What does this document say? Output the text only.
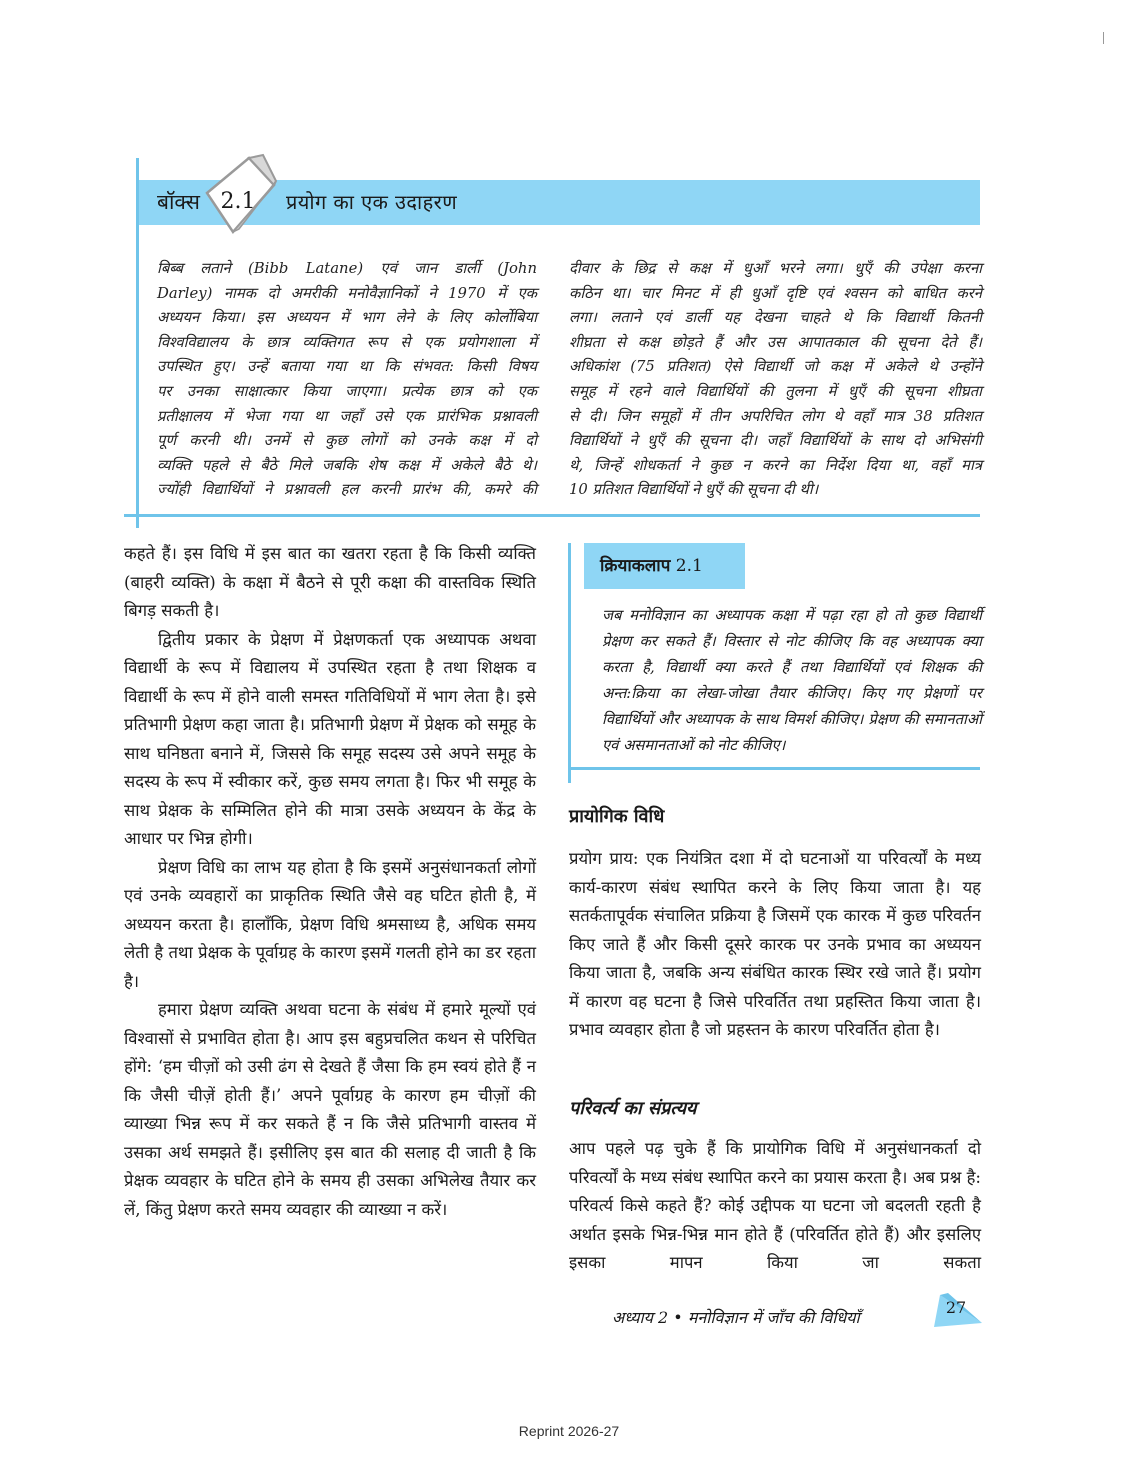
बॉक्स 2.1 प्रयोग का एक उदाहरण
बिब्ब लताने (Bibb Latane) एवं जान डार्ली (John
Darley) नामक दो अमरीकी मनोवैज्ञानिकों ने 1970 में एक
अध्ययन किया। इस अध्ययन में भाग लेने के लिए कोर्लोबिया
विश्वविद्यालय के छात्र व्यक्तिगत रूप से एक प्रयोगशाला में
उपस्थित हुए। उन्हें बताया गया था कि संभवत: किसी विषय
पर उनका साक्षात्कार किया जाएगा। प्रत्येक छात्र को एक
प्रतीक्षालय में भेजा गया था जहाँ उसे एक प्रारंभिक प्रश्नावली
पूर्ण करनी थी। उनमें से कुछ लोगों को उनके कक्ष में दो
व्यक्ति पहले से बैठे मिले जबकि शेष कक्ष में अकेले बैठे थे।
ज्योंही विद्यार्थियों ने प्रश्नावली हल करनी प्रारंभ की, कमरे की
दीवार के छिद्र से कक्ष में धुआँ भरने लगा। धुएँ की उपेक्षा करना
कठिन था। चार मिनट में ही धुआँ दृष्टि एवं श्वसन को बाधित करने
लगा। लताने एवं डार्ली यह देखना चाहते थे कि विद्यार्थी कितनी
शीघ्रता से कक्ष छोड़ते हैं और उस आपातकाल की सूचना देते हैं।
अधिकांश (75 प्रतिशत) ऐसे विद्यार्थी जो कक्ष में अकेले थे उन्होंने
समूह में रहने वाले विद्यार्थियों की तुलना में धुएँ की सूचना शीघ्रता
से दी। जिन समूहों में तीन अपरिचित लोग थे वहाँ मात्र 38 प्रतिशत
विद्यार्थियों ने धुएँ की सूचना दी। जहाँ विद्यार्थियों के साथ दो अभिसंगी
थे, जिन्हें शोधकर्ता ने कुछ न करने का निर्देश दिया था, वहाँ मात्र
10 प्रतिशत विद्यार्थियों ने धुएँ की सूचना दी थी।

कहते हैं। इस विधि में इस बात का खतरा रहता है कि किसी व्यक्ति (बाहरी व्यक्ति) के कक्षा में बैठने से पूरी कक्षा की वास्तविक स्थिति बिगड़ सकती है।

द्वितीय प्रकार के प्रेक्षण में प्रेक्षणकर्ता एक अध्यापक अथवा विद्यार्थी के रूप में विद्यालय में उपस्थित रहता है तथा शिक्षक व विद्यार्थी के रूप में होने वाली समस्त गतिविधियों में भाग लेता है। इसे प्रतिभागी प्रेक्षण कहा जाता है। प्रतिभागी प्रेक्षण में प्रेक्षक को समूह के साथ घनिष्ठता बनाने में, जिससे कि समूह सदस्य उसे अपने समूह के सदस्य के रूप में स्वीकार करें, कुछ समय लगता है। फिर भी समूह के साथ प्रेक्षक के सम्मिलित होने की मात्रा उसके अध्ययन के केंद्र के आधार पर भिन्न होगी।

प्रेक्षण विधि का लाभ यह होता है कि इसमें अनुसंधानकर्ता लोगों एवं उनके व्यवहारों का प्राकृतिक स्थिति जैसे वह घटित होती है, में अध्ययन करता है। हालाँकि, प्रेक्षण विधि श्रमसाध्य है, अधिक समय लेती है तथा प्रेक्षक के पूर्वाग्रह के कारण इसमें गलती होने का डर रहता है।

हमारा प्रेक्षण व्यक्ति अथवा घटना के संबंध में हमारे मूल्यों एवं विश्वासों से प्रभावित होता है। आप इस बहुप्रचलित कथन से परिचित होंगे: ‘हम चीज़ों को उसी ढंग से देखते हैं जैसा कि हम स्वयं होते हैं न कि जैसी चीज़ें होती हैं।’ अपने पूर्वाग्रह के कारण हम चीज़ों की व्याख्या भिन्न रूप में कर सकते हैं न कि जैसे प्रतिभागी वास्तव में उसका अर्थ समझते हैं। इसीलिए इस बात की सलाह दी जाती है कि प्रेक्षक व्यवहार के घटित होने के समय ही उसका अभिलेख तैयार कर लें, किंतु प्रेक्षण करते समय व्यवहार की व्याख्या न करें।

क्रियाकलाप 2.1
जब मनोविज्ञान का अध्यापक कक्षा में पढ़ा रहा हो तो कुछ विद्यार्थी प्रेक्षण कर सकते हैं। विस्तार से नोट कीजिए कि वह अध्यापक क्या करता है, विद्यार्थी क्या करते हैं तथा विद्यार्थियों एवं शिक्षक की अन्त:क्रिया का लेखा-जोखा तैयार कीजिए। किए गए प्रेक्षणों पर विद्यार्थियों और अध्यापक के साथ विमर्श कीजिए। प्रेक्षण की समानताओं एवं असमानताओं को नोट कीजिए।
प्रायोगिक विधि

प्रयोग प्राय: एक नियंत्रित दशा में दो घटनाओं या परिवर्त्यों के मध्य कार्य-कारण संबंध स्थापित करने के लिए किया जाता है। यह सतर्कतापूर्वक संचालित प्रक्रिया है जिसमें एक कारक में कुछ परिवर्तन किए जाते हैं और किसी दूसरे कारक पर उनके प्रभाव का अध्ययन किया जाता है, जबकि अन्य संबंधित कारक स्थिर रखे जाते हैं। प्रयोग में कारण वह घटना है जिसे परिवर्तित तथा प्रहस्तित किया जाता है। प्रभाव व्यवहार होता है जो प्रहस्तन के कारण परिवर्तित होता है।

परिवर्त्य का संप्रत्यय

आप पहले पढ़ चुके हैं कि प्रायोगिक विधि में अनुसंधानकर्ता दो परिवर्त्यों के मध्य संबंध स्थापित करने का प्रयास करता है। अब प्रश्न है: परिवर्त्य किसे कहते हैं? कोई उद्दीपक या घटना जो बदलती रहती है अर्थात इसके भिन्न-भिन्न मान होते हैं (परिवर्तित होते हैं) और इसलिए इसका मापन किया जा सकता

अध्याय 2 • मनोविज्ञान में जाँच की विधियाँ
27
Reprint 2026-27
